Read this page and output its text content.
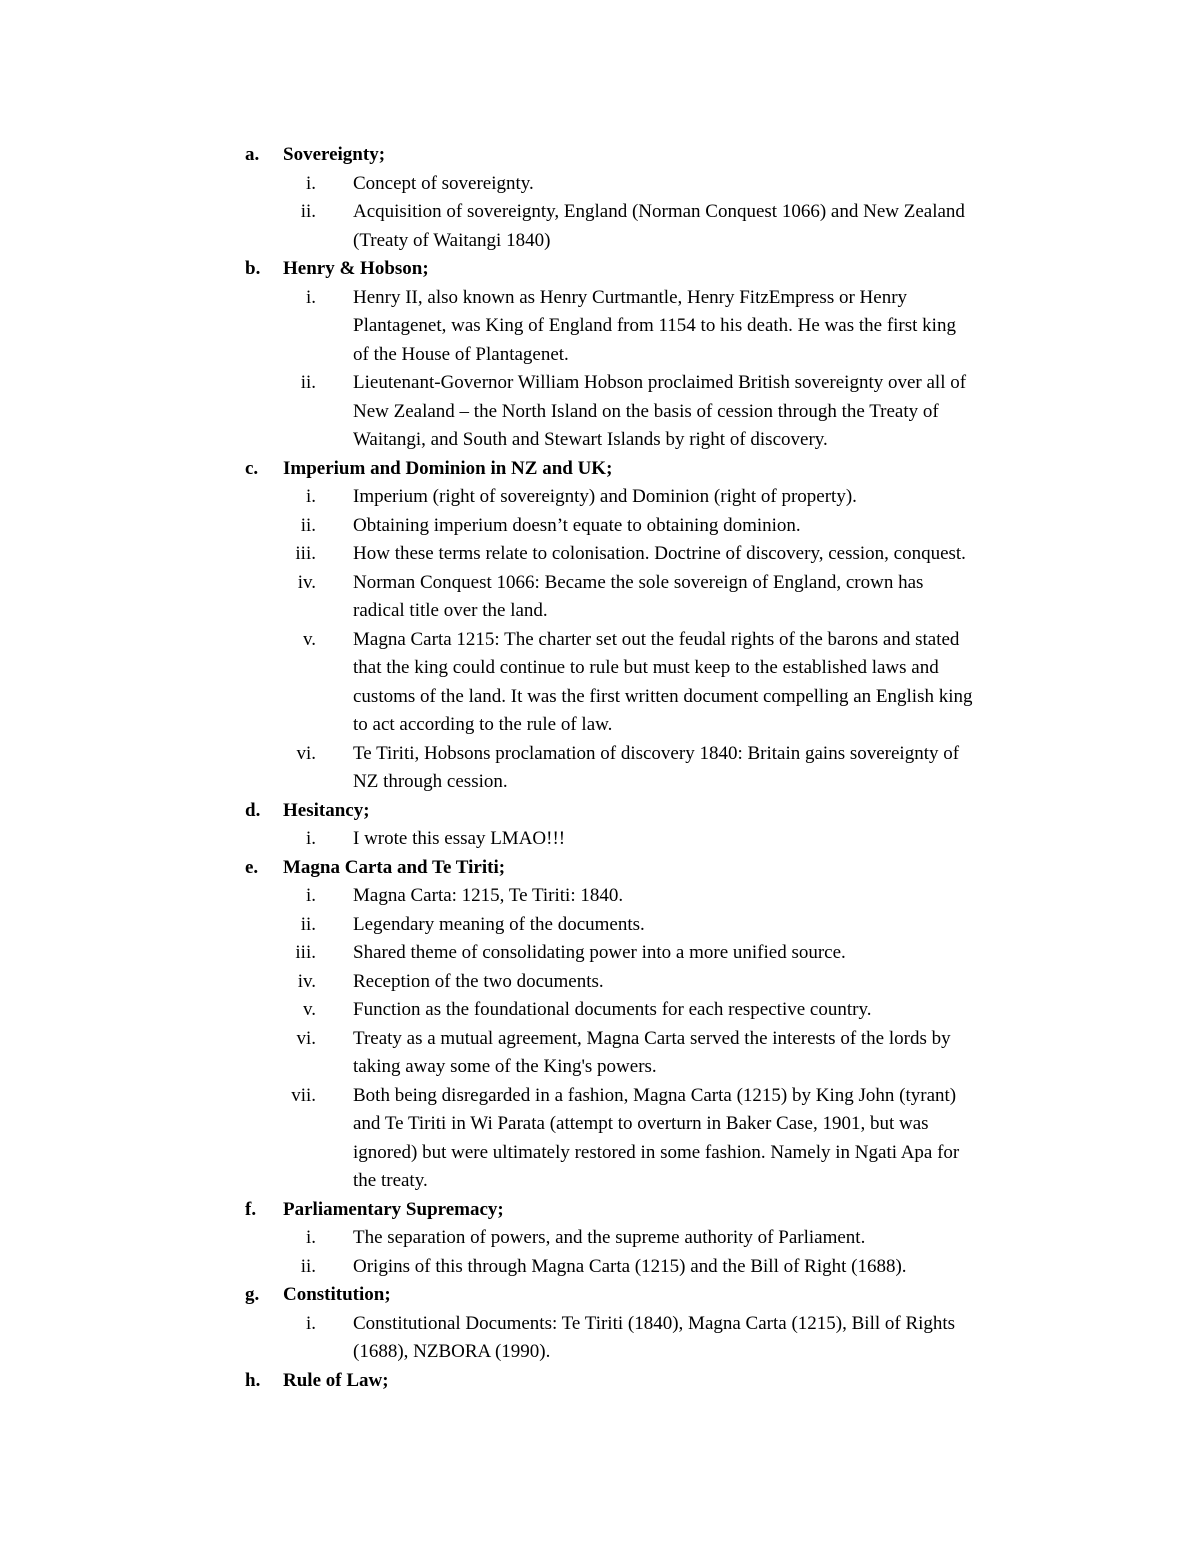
a.	Sovereignty;
i. Concept of sovereignty.
ii. Acquisition of sovereignty, England (Norman Conquest 1066) and New Zealand
(Treaty of Waitangi 1840)
b.	Henry & Hobson;
i. Henry II, also known as Henry Curtmantle, Henry FitzEmpress or Henry
Plantagenet, was King of England from 1154 to his death. He was the first king
of the House of Plantagenet.
ii. Lieutenant-Governor William Hobson proclaimed British sovereignty over all of
New Zealand – the North Island on the basis of cession through the Treaty of
Waitangi, and South and Stewart Islands by right of discovery.
c.	Imperium and Dominion in NZ and UK;
i. Imperium (right of sovereignty) and Dominion (right of property).
ii. Obtaining imperium doesn’t equate to obtaining dominion.
iii. How these terms relate to colonisation. Doctrine of discovery, cession, conquest.
iv. Norman Conquest 1066: Became the sole sovereign of England, crown has
radical title over the land.
v. Magna Carta 1215: The charter set out the feudal rights of the barons and stated
that the king could continue to rule but must keep to the established laws and
customs of the land. It was the first written document compelling an English king
to act according to the rule of law.
vi. Te Tiriti, Hobsons proclamation of discovery 1840: Britain gains sovereignty of
NZ through cession.
d.	Hesitancy;
i. I wrote this essay LMAO!!!
e.	Magna Carta and Te Tiriti;
i. Magna Carta: 1215, Te Tiriti: 1840.
ii. Legendary meaning of the documents.
iii. Shared theme of consolidating power into a more unified source.
iv. Reception of the two documents.
v. Function as the foundational documents for each respective country.
vi. Treaty as a mutual agreement, Magna Carta served the interests of the lords by
taking away some of the King's powers.
vii. Both being disregarded in a fashion, Magna Carta (1215) by King John (tyrant)
and Te Tiriti in Wi Parata (attempt to overturn in Baker Case, 1901, but was
ignored) but were ultimately restored in some fashion. Namely in Ngati Apa for
the treaty.
f.	Parliamentary Supremacy;
i. The separation of powers, and the supreme authority of Parliament.
ii. Origins of this through Magna Carta (1215) and the Bill of Right (1688).
g.	Constitution;
i. Constitutional Documents: Te Tiriti (1840), Magna Carta (1215), Bill of Rights
(1688), NZBORA (1990).
h.	Rule of Law;
